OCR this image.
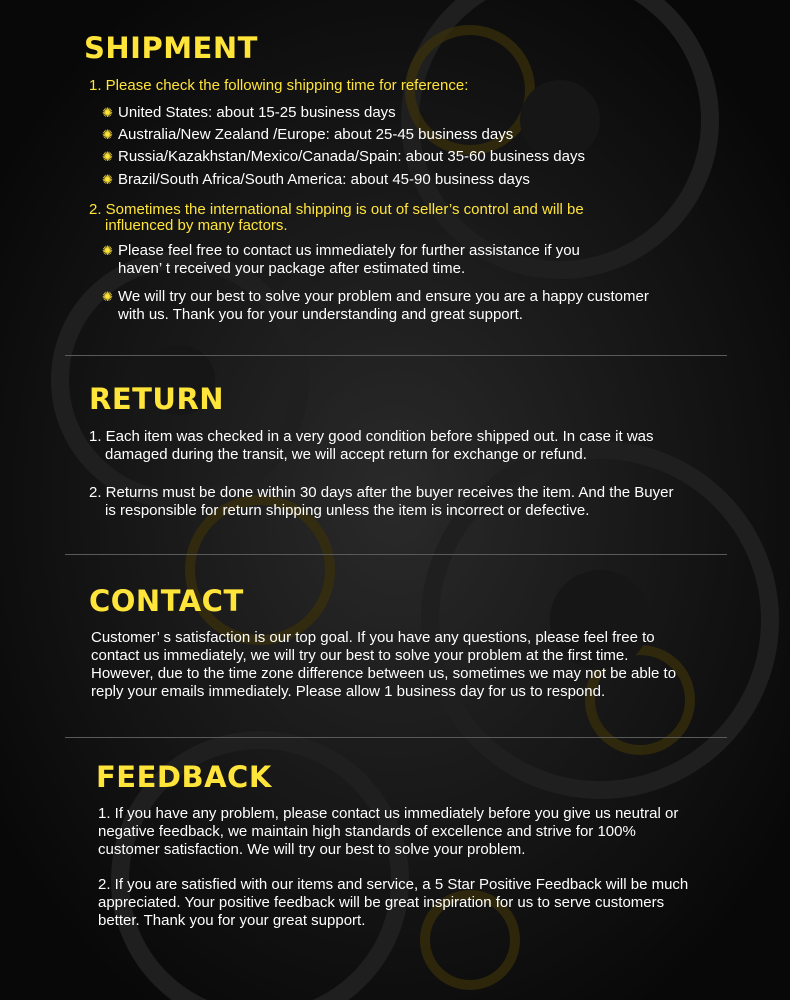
SHIPMENT
1. Please check the following shipping time for reference:
✺ United States: about 15-25 business days
✺ Australia/New Zealand /Europe: about 25-45 business days
✺ Russia/Kazakhstan/Mexico/Canada/Spain: about 35-60 business days
✺ Brazil/South Africa/South America: about 45-90 business days
2. Sometimes the international shipping is out of seller’s control and will be
influenced by many factors.
✺ Please feel free to contact us immediately for further assistance if you
haven’ t received your package after estimated time.
✺ We will try our best to solve your problem and ensure you are a happy customer
with us. Thank you for your understanding and great support.
RETURN
1. Each item was checked in a very good condition before shipped out. In case it was
damaged during the transit, we will accept return for exchange or refund.
2. Returns must be done within 30 days after the buyer receives the item. And the Buyer
is responsible for return shipping unless the item is incorrect or defective.
CONTACT
Customer’ s satisfaction is our top goal. If you have any questions, please feel free to
contact us immediately, we will try our best to solve your problem at the first time.
However, due to the time zone difference between us, sometimes we may not be able to
reply your emails immediately. Please allow 1 business day for us to respond.
FEEDBACK
1. If you have any problem, please contact us immediately before you give us neutral or
negative feedback, we maintain high standards of excellence and strive for 100%
customer satisfaction. We will try our best to solve your problem.
2. If you are satisfied with our items and service, a 5 Star Positive Feedback will be much
appreciated. Your positive feedback will be great inspiration for us to serve customers
better. Thank you for your great support.
